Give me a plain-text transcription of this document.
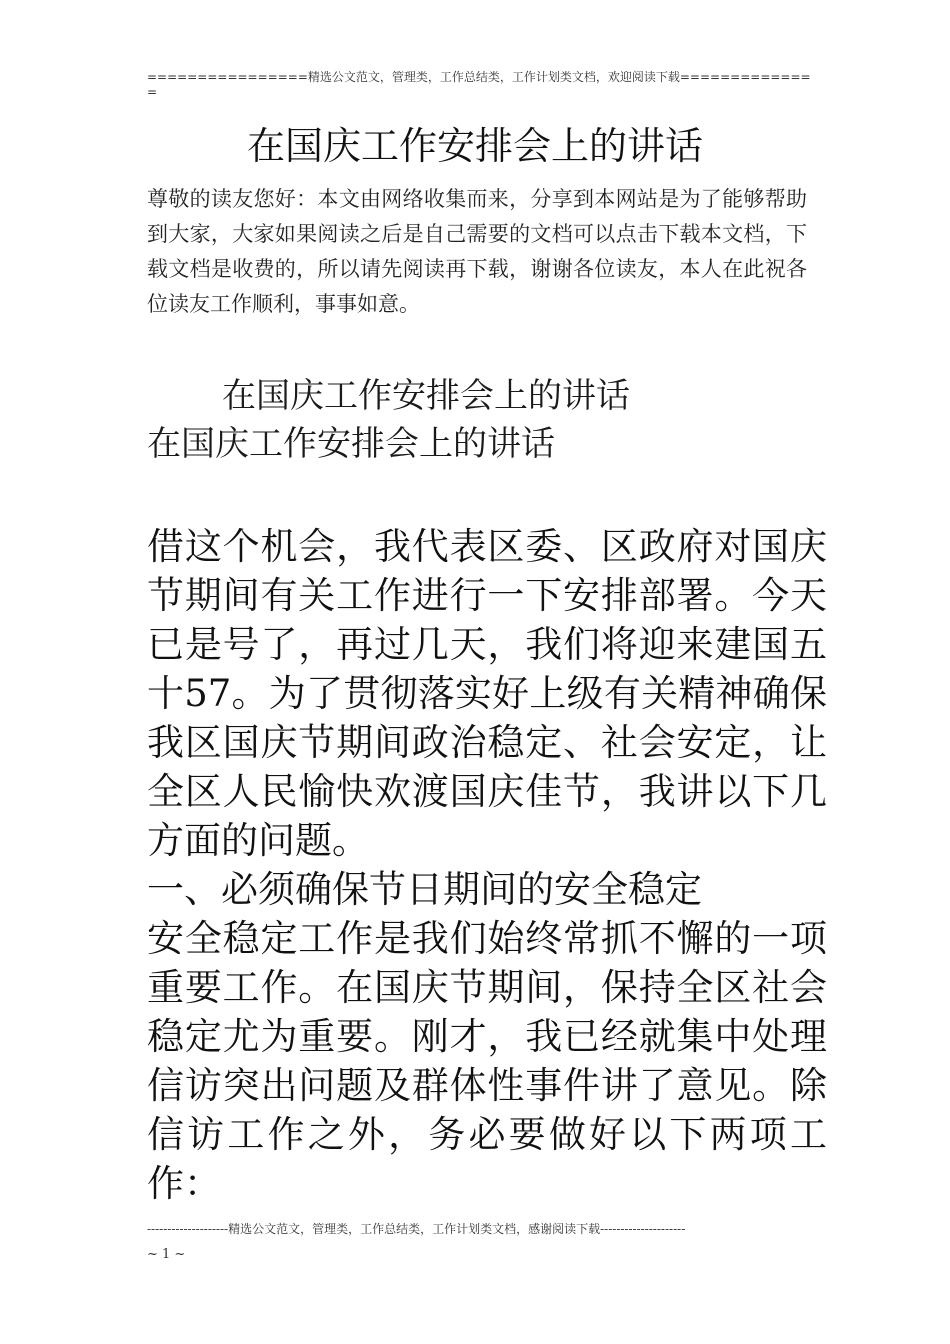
================精选公文范文，管理类，工作总结类，工作计划类文档，欢迎阅读下载==============
在国庆工作安排会上的讲话
尊敬的读友您好：本文由网络收集而来，分享到本网站是为了能够帮助到大家，大家如果阅读之后是自己需要的文档可以点击下载本文档，下载文档是收费的，所以请先阅读再下载，谢谢各位读友，本人在此祝各位读友工作顺利，事事如意。
在国庆工作安排会上的讲话
在国庆工作安排会上的讲话

借这个机会，我代表区委、区政府对国庆节期间有关工作进行一下安排部署。今天已是号了，再过几天，我们将迎来建国五十57。为了贯彻落实好上级有关精神确保我区国庆节期间政治稳定、社会安定，让全区人民愉快欢渡国庆佳节，我讲以下几方面的问题。

一、必须确保节日期间的安全稳定

安全稳定工作是我们始终常抓不懈的一项重要工作。在国庆节期间，保持全区社会稳定尤为重要。刚才，我已经就集中处理信访突出问题及群体性事件讲了意见。除信访工作之外，务必要做好以下两项工作：

--------------------精选公文范文，管理类，工作总结类，工作计划类文档，感谢阅读下载---------------------
~ 1 ~
